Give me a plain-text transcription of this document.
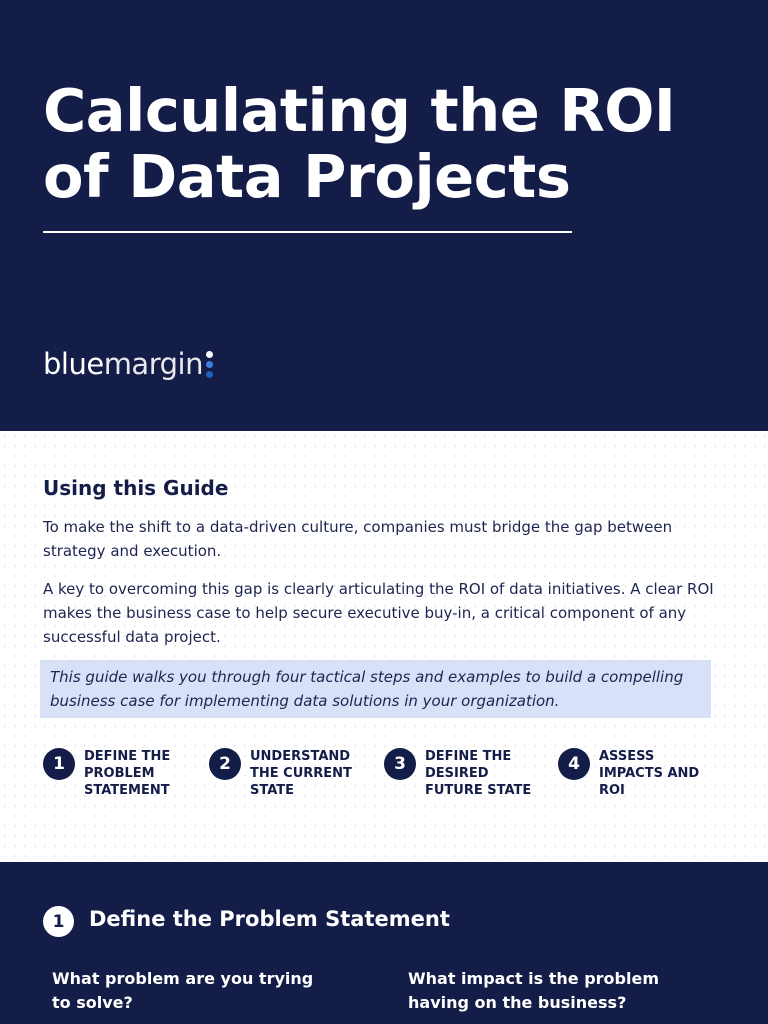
Calculating the ROI
of Data Projects
blue margin
Using this Guide

To make the shift to a data-driven culture, companies must bridge the gap between strategy and execution.

A key to overcoming this gap is clearly articulating the ROI of data initiatives. A clear ROI makes the business case to help secure executive buy-in, a critical component of any successful data project.

This guide walks you through four tactical steps and examples to build a compelling business case for implementing data solutions in your organization.

1	DEFINE THE
PROBLEM
STATEMENT
2	UNDERSTAND
THE CURRENT
STATE
3	DEFINE THE
DESIRED
FUTURE STATE
4	ASSESS
IMPACTS AND
ROI
1	Define the Problem Statement

What problem are you trying to solve?

What impact is the problem having on the business?
